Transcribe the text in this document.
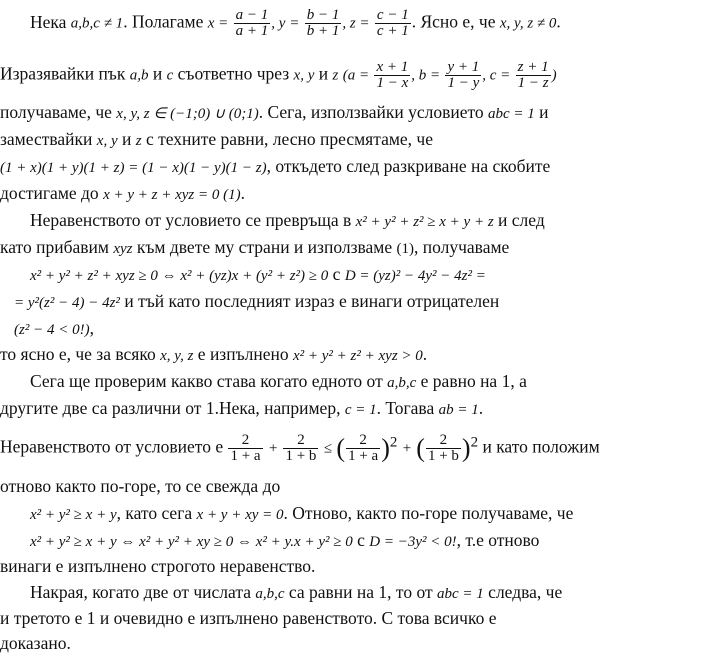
Нека a,b,c ≠ 1. Полагаме $x = \frac{a - 1}{a + 1}$ , $y = \frac{b - 1}{b + 1}$ , $z = \frac{c - 1}{c + 1}$ . Ясно е, че x, y, z ≠ 0.
Изразявайки пък a,b и c съответно чрез x, y и z ($a = \frac{x + 1}{1 - x}$ , $b = \frac{y + 1}{1 - y}$ , $c = \frac{z + 1}{1 - z}$ )
получаваме, че x, y, z ∈ (−1;0) ∪ (0;1). Сега, използвайки условието abc = 1 и
замествайки x, y и z с техните равни, лесно пресмятаме, че
(1 + x)(1 + y)(1 + z) = (1 − x)(1 − y)(1 − z), откъдето след разкриване на скобите
достигаме до x + y + z + xyz = 0 (1).
Неравенството от условието се превръща в x² + y² + z² ≥ x + y + z и след
като прибавим xyz към двете му страни и използваме (1), получаваме
x² + y² + z² + xyz ≥ 0 ⇔ x² + (yz)x + (y² + z²) ≥ 0 с D = (yz)² − 4y² − 4z² =
= y²(z² − 4) − 4z² и тъй като последният израз е винаги отрицателен
(z² − 4 < 0!),
то ясно е, че за всяко x, y, z е изпълнено x² + y² + z² + xyz > 0.
Сега ще проверим какво става когато едното от a,b,c е равно на 1, а
другите две са различни от 1.Нека, например, c = 1. Тогава ab = 1.
Неравенството от условието е $\frac{2}{1 + a} + \frac{2}{1 + b}$ ≤ ( $\frac{2}{1 + a} )^2$ + ( $\frac{2}{1 + b} )^2$ и като положим
отново както по-горе, то се свежда до
x² + y² ≥ x + y, като сега x + y + xy = 0. Отново, както по-горе получаваме, че
x² + y² ≥ x + y ⇔ x² + y² + xy ≥ 0 ⇔ x² + y.x + y² ≥ 0 с D = −3y² < 0!, т.е отново
винаги е изпълнено строгото неравенство.
Накрая, когато две от числата a,b,c са равни на 1, то от abc = 1 следва, че
и третото е 1 и очевидно е изпълнено равенството. С това всичко е
доказано.
